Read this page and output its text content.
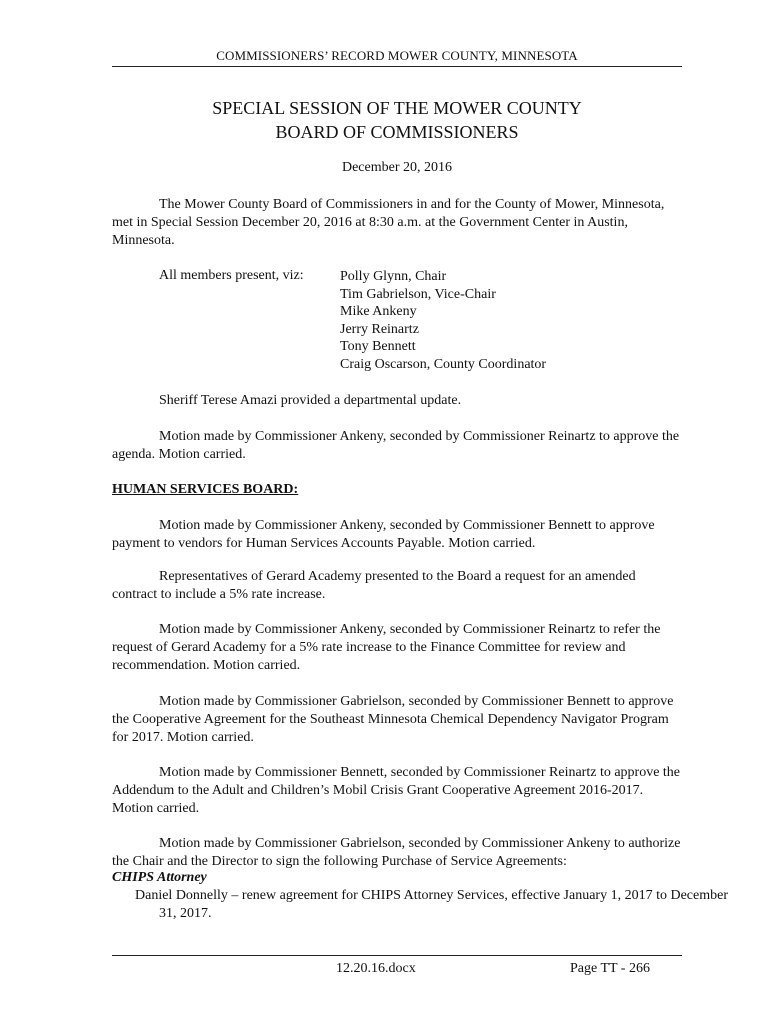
COMMISSIONERS’ RECORD MOWER COUNTY, MINNESOTA
SPECIAL SESSION OF THE MOWER COUNTY
BOARD OF COMMISSIONERS
December 20, 2016

The Mower County Board of Commissioners in and for the County of Mower, Minnesota, met in Special Session December 20, 2016 at 8:30 a.m. at the Government Center in Austin, Minnesota.

All members present, viz:	Polly Glynn, Chair
Tim Gabrielson, Vice-Chair
Mike Ankeny
Jerry Reinartz
Tony Bennett
Craig Oscarson, County Coordinator

Sheriff Terese Amazi provided a departmental update.

Motion made by Commissioner Ankeny, seconded by Commissioner Reinartz to approve the agenda. Motion carried.

HUMAN SERVICES BOARD:

Motion made by Commissioner Ankeny, seconded by Commissioner Bennett to approve payment to vendors for Human Services Accounts Payable. Motion carried.

Representatives of Gerard Academy presented to the Board a request for an amended contract to include a 5% rate increase.

Motion made by Commissioner Ankeny, seconded by Commissioner Reinartz to refer the request of Gerard Academy for a 5% rate increase to the Finance Committee for review and recommendation. Motion carried.

Motion made by Commissioner Gabrielson, seconded by Commissioner Bennett to approve the Cooperative Agreement for the Southeast Minnesota Chemical Dependency Navigator Program for 2017. Motion carried.

Motion made by Commissioner Bennett, seconded by Commissioner Reinartz to approve the Addendum to the Adult and Children’s Mobil Crisis Grant Cooperative Agreement 2016-2017. Motion carried.

Motion made by Commissioner Gabrielson, seconded by Commissioner Ankeny to authorize the Chair and the Director to sign the following Purchase of Service Agreements:

CHIPS Attorney

Daniel Donnelly – renew agreement for CHIPS Attorney Services, effective January 1, 2017 to December 31, 2017.

12.20.16.docx	Page TT - 266
